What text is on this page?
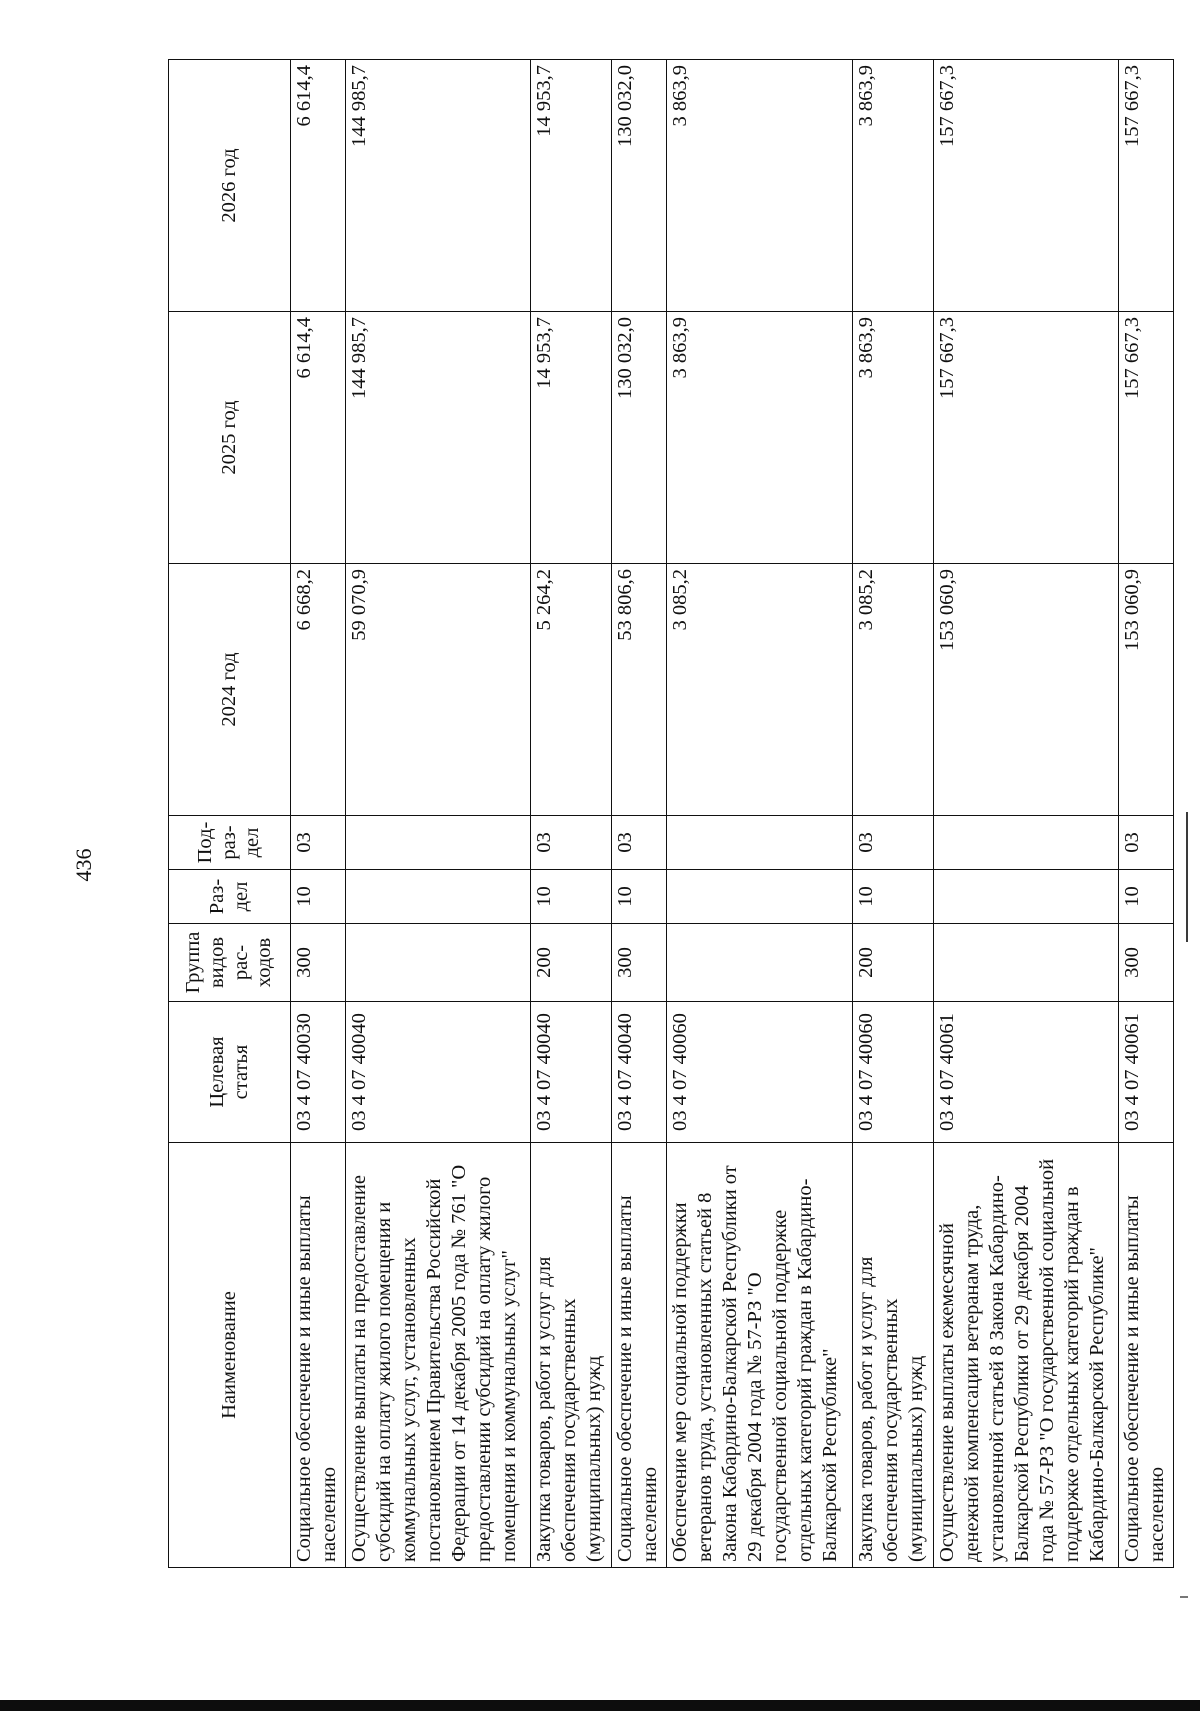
436
Наименование	Целевая статья	Группа видов рас-ходов	Раз-дел	Под-раз-дел	2024 год	2025 год	2026 год
Социальное обеспечение и иные выплаты населению	03 4 07 40030	300	10	03	6 668,2	6 614,4	6 614,4
Осуществление выплаты на предоставление субсидий на оплату жилого помещения и коммунальных услуг, установленных постановлением Правительства Российской Федерации от 14 декабря 2005 года № 761 "О предоставлении субсидий на оплату жилого помещения и коммунальных услуг"	03 4 07 40040				59 070,9	144 985,7	144 985,7
Закупка товаров, работ и услуг для обеспечения государственных (муниципальных) нужд	03 4 07 40040	200	10	03	5 264,2	14 953,7	14 953,7
Социальное обеспечение и иные выплаты населению	03 4 07 40040	300	10	03	53 806,6	130 032,0	130 032,0
Обеспечение мер социальной поддержки ветеранов труда, установленных статьей 8 Закона Кабардино-Балкарской Республики от 29 декабря 2004 года № 57-РЗ "О государственной социальной поддержке отдельных категорий граждан в Кабардино-Балкарской Республике"	03 4 07 40060				3 085,2	3 863,9	3 863,9
Закупка товаров, работ и услуг для обеспечения государственных (муниципальных) нужд	03 4 07 40060	200	10	03	3 085,2	3 863,9	3 863,9
Осуществление выплаты ежемесячной денежной компенсации ветеранам труда, установленной статьей 8 Закона Кабардино-Балкарской Республики от 29 декабря 2004 года № 57-РЗ "О государственной социальной поддержке отдельных категорий граждан в Кабардино-Балкарской Республике"	03 4 07 40061				153 060,9	157 667,3	157 667,3
Социальное обеспечение и иные выплаты населению	03 4 07 40061	300	10	03	153 060,9	157 667,3	157 667,3
